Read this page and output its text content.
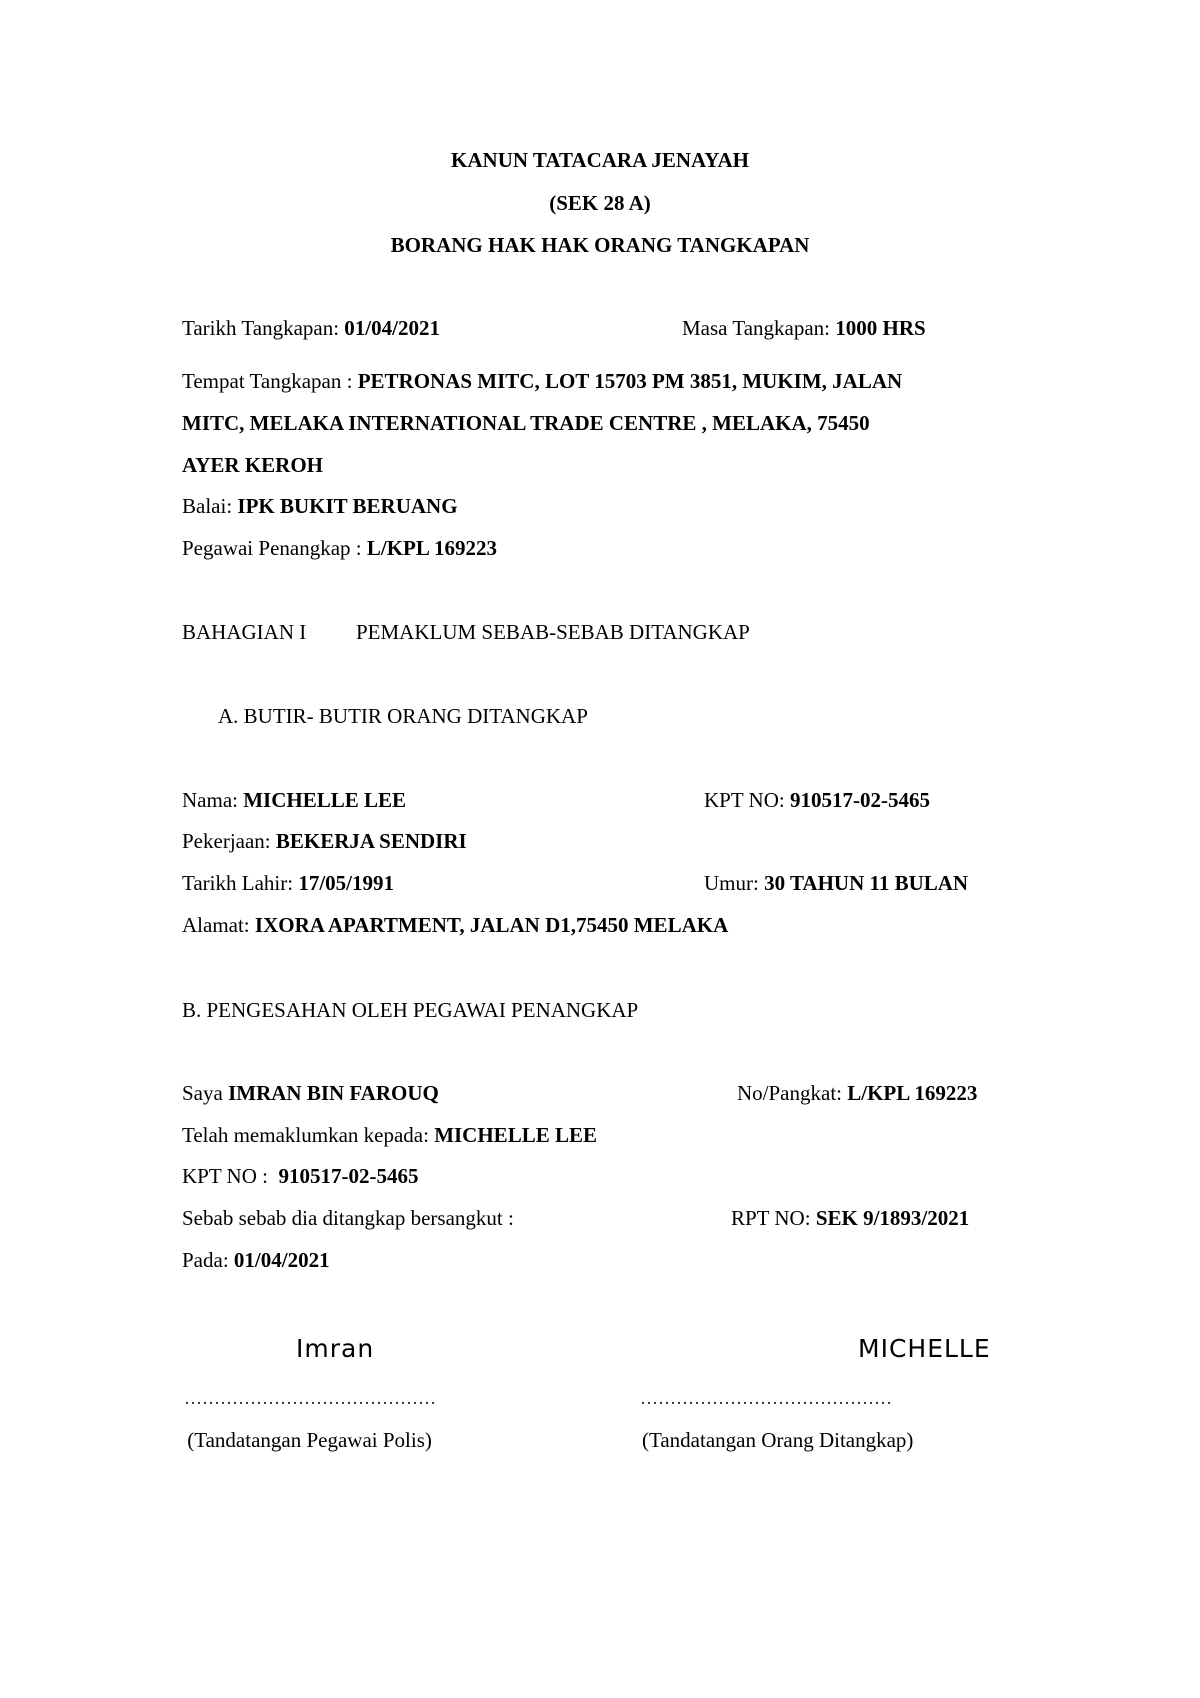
KANUN TATACARA JENAYAH
(SEK 28 A)
BORANG HAK HAK ORANG TANGKAPAN
Tarikh Tangkapan: 01/04/2021	Masa Tangkapan: 1000 HRS
Tempat Tangkapan : PETRONAS MITC, LOT 15703 PM 3851, MUKIM, JALAN
MITC, MELAKA INTERNATIONAL TRADE CENTRE , MELAKA, 75450
AYER KEROH
Balai: IPK BUKIT BERUANG
Pegawai Penangkap : L/KPL 169223
BAHAGIAN I PEMAKLUM SEBAB-SEBAB DITANGKAP
A. BUTIR- BUTIR ORANG DITANGKAP
Nama: MICHELLE LEE	KPT NO: 910517-02-5465
Pekerjaan: BEKERJA SENDIRI
Tarikh Lahir: 17/05/1991	Umur: 30 TAHUN 11 BULAN
Alamat: IXORA APARTMENT, JALAN D1,75450 MELAKA
B. PENGESAHAN OLEH PEGAWAI PENANGKAP
Saya IMRAN BIN FAROUQ	No/Pangkat: L/KPL 169223
Telah memaklumkan kepada: MICHELLE LEE
KPT NO :  910517-02-5465
Sebab sebab dia ditangkap bersangkut :	RPT NO: SEK 9/1893/2021
Pada: 01/04/2021
Imran	MICHELLE
……………………………………	……………………………………
(Tandatangan Pegawai Polis)	(Tandatangan Orang Ditangkap)
